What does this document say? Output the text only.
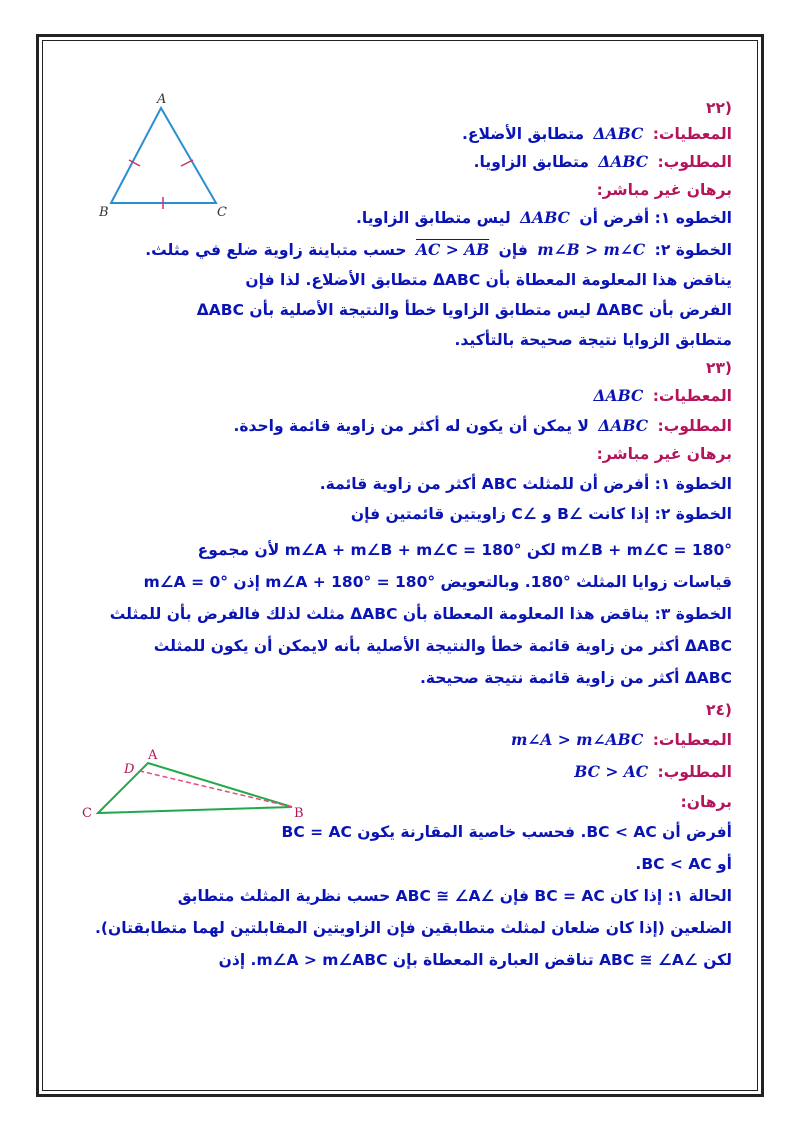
A
B	C
A
D
C	B
(٢٢
المعطيات: ΔABC متطابق الأضلاع.
المطلوب: ΔABC متطابق الزاويا.
برهان غير مباشر:
الخطوه ١: أفرض أن ΔABC ليس متطابق الزاويا.
الخطوة ٢: m∠B > m∠C فإن AC > AB حسب متباينة زاوية ضلع في مثلث.
يناقض هذا المعلومة المعطاة بأن ΔABC متطابق الأضلاع. لذا فإن
الفرض بأن ΔABC ليس متطابق الزاويا خطأ والنتيجة الأصلية بأن ΔABC
متطابق الزوايا نتيجة صحيحة بالتأكيد.
(٢٣
المعطيات: ΔABC
المطلوب: ΔABC لا يمكن أن يكون له أكثر من زاوية قائمة واحدة.
برهان غير مباشر:
الخطوة ١: أفرض أن للمثلث ABC أكثر من زاوية قائمة.
الخطوة ٢: إذا كانت ∠B و ∠C زاويتين قائمتين فإن
m∠B + m∠C = 180° لكن m∠A + m∠B + m∠C = 180° لأن مجموع
قياسات زوايا المثلث °180. وبالتعويض m∠A + 180° = 180° إذن m∠A = 0°
الخطوة ٣: يناقض هذا المعلومة المعطاة بأن ΔABC مثلث لذلك فالفرض بأن للمثلث
ΔABC أكثر من زاوية قائمة خطأ والنتيجة الأصلية بأنه لايمكن أن يكون للمثلث
ΔABC أكثر من زاوية قائمة نتيجة صحيحة.
(٢٤
المعطيات: m∠A > m∠ABC
المطلوب: BC > AC
برهان:
أفرض أن BC < AC. فحسب خاصية المقارنة يكون BC = AC
أو BC < AC.
الحالة ١: إذا كان BC = AC فإن ∠ABC ≅ ∠A حسب نظرية المثلث متطابق
الضلعين (إذا كان ضلعان لمثلث متطابقين فإن الزاويتين المقابلتين لهما متطابقتان).
لكن ∠ABC ≅ ∠A تناقض العبارة المعطاة بإن m∠A > m∠ABC. إذن
